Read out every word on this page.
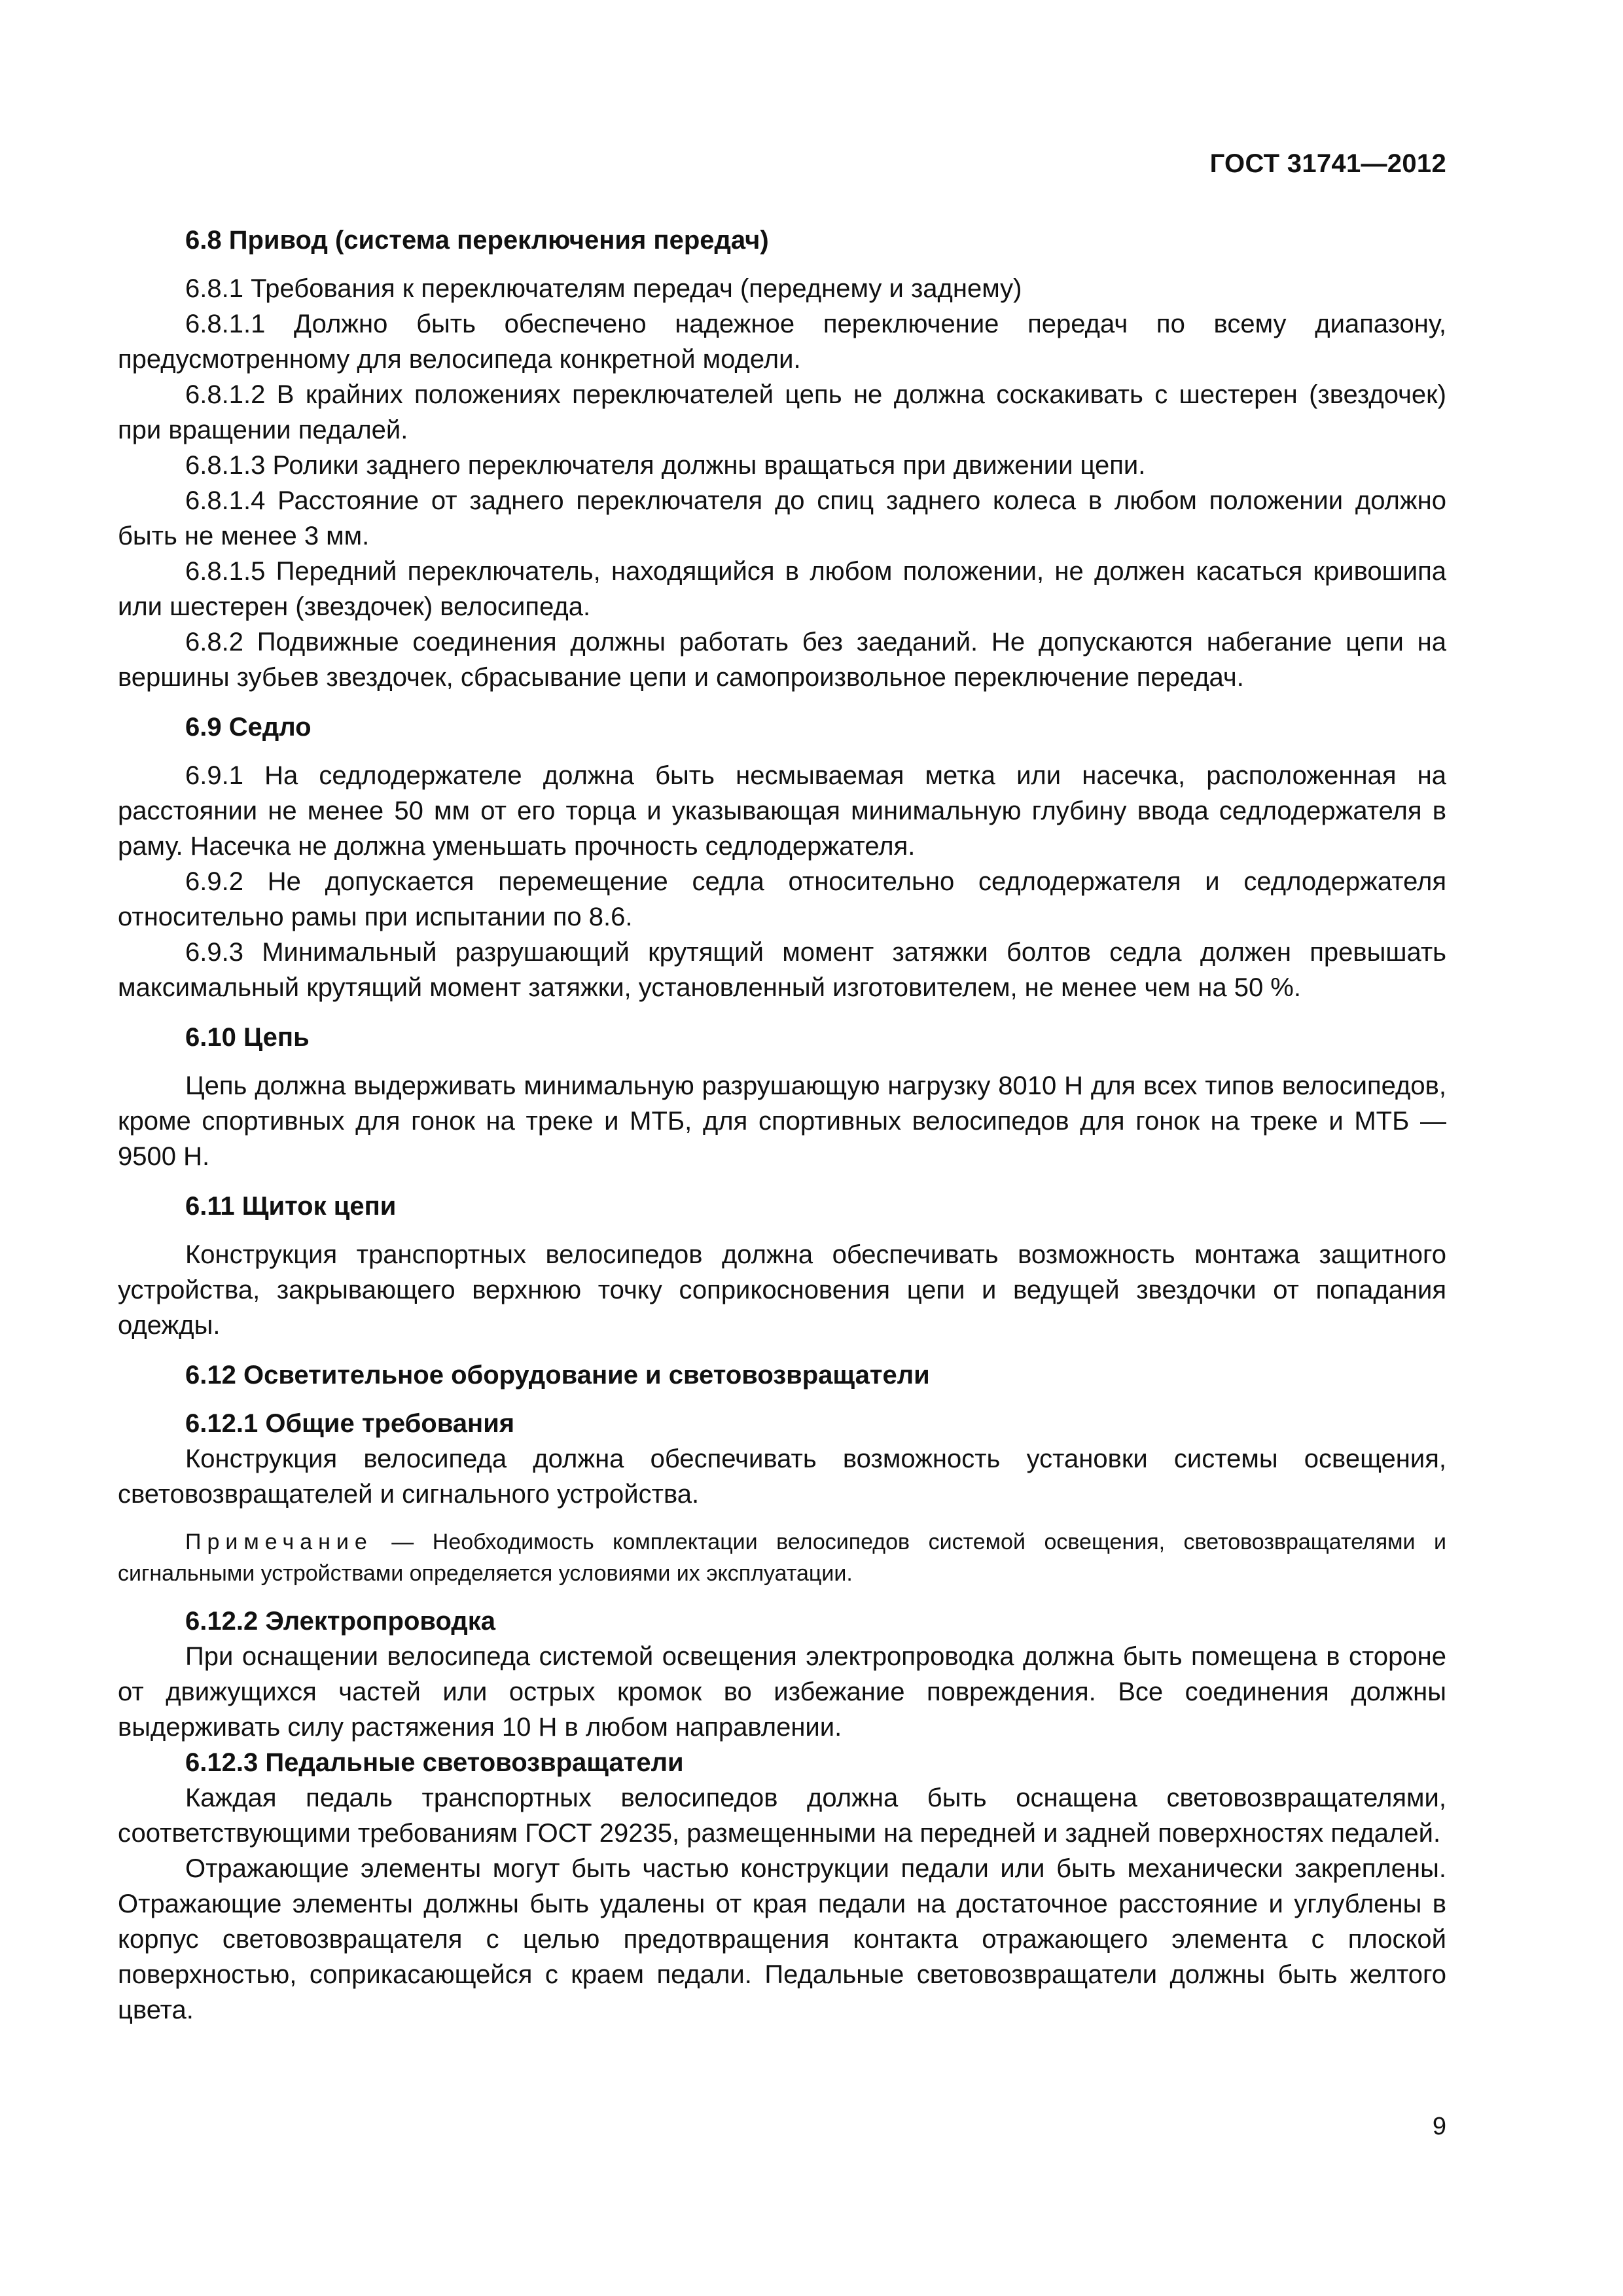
ГОСТ 31741—2012
6.8 Привод (система переключения передач)

6.8.1 Требования к переключателям передач (переднему и заднему)

6.8.1.1 Должно быть обеспечено надежное переключение передач по всему диапазону, предусмотренному для велосипеда конкретной модели.

6.8.1.2 В крайних положениях переключателей цепь не должна соскакивать с шестерен (звездочек) при вращении педалей.

6.8.1.3 Ролики заднего переключателя должны вращаться при движении цепи.

6.8.1.4 Расстояние от заднего переключателя до спиц заднего колеса в любом положении должно быть не менее 3 мм.

6.8.1.5 Передний переключатель, находящийся в любом положении, не должен касаться кривошипа или шестерен (звездочек) велосипеда.

6.8.2 Подвижные соединения должны работать без заеданий. Не допускаются набегание цепи на вершины зубьев звездочек, сбрасывание цепи и самопроизвольное переключение передач.

6.9 Седло

6.9.1 На седлодержателе должна быть несмываемая метка или насечка, расположенная на расстоянии не менее 50 мм от его торца и указывающая минимальную глубину ввода седлодержателя в раму. Насечка не должна уменьшать прочность седлодержателя.

6.9.2 Не допускается перемещение седла относительно седлодержателя и седлодержателя относительно рамы при испытании по 8.6.

6.9.3 Минимальный разрушающий крутящий момент затяжки болтов седла должен превышать максимальный крутящий момент затяжки, установленный изготовителем, не менее чем на 50 %.

6.10 Цепь

Цепь должна выдерживать минимальную разрушающую нагрузку 8010 Н для всех типов велосипедов, кроме спортивных для гонок на треке и МТБ, для спортивных велосипедов для гонок на треке и МТБ — 9500 Н.

6.11 Щиток цепи

Конструкция транспортных велосипедов должна обеспечивать возможность монтажа защитного устройства, закрывающего верхнюю точку соприкосновения цепи и ведущей звездочки от попадания одежды.

6.12 Осветительное оборудование и световозвращатели
6.12.1 Общие требования

Конструкция велосипеда должна обеспечивать возможность установки системы освещения, световозвращателей и сигнального устройства.

Примечание — Необходимость комплектации велосипедов системой освещения, световозвращателями и сигнальными устройствами определяется условиями их эксплуатации.
6.12.2 Электропроводка

При оснащении велосипеда системой освещения электропроводка должна быть помещена в стороне от движущихся частей или острых кромок во избежание повреждения. Все соединения должны выдерживать силу растяжения 10 Н в любом направлении.

6.12.3 Педальные световозвращатели

Каждая педаль транспортных велосипедов должна быть оснащена световозвращателями, соответствующими требованиям ГОСТ 29235, размещенными на передней и задней поверхностях педалей.

Отражающие элементы могут быть частью конструкции педали или быть механически закреплены. Отражающие элементы должны быть удалены от края педали на достаточное расстояние и углублены в корпус световозвращателя с целью предотвращения контакта отражающего элемента с плоской поверхностью, соприкасающейся с краем педали. Педальные световозвращатели должны быть желтого цвета.

9
